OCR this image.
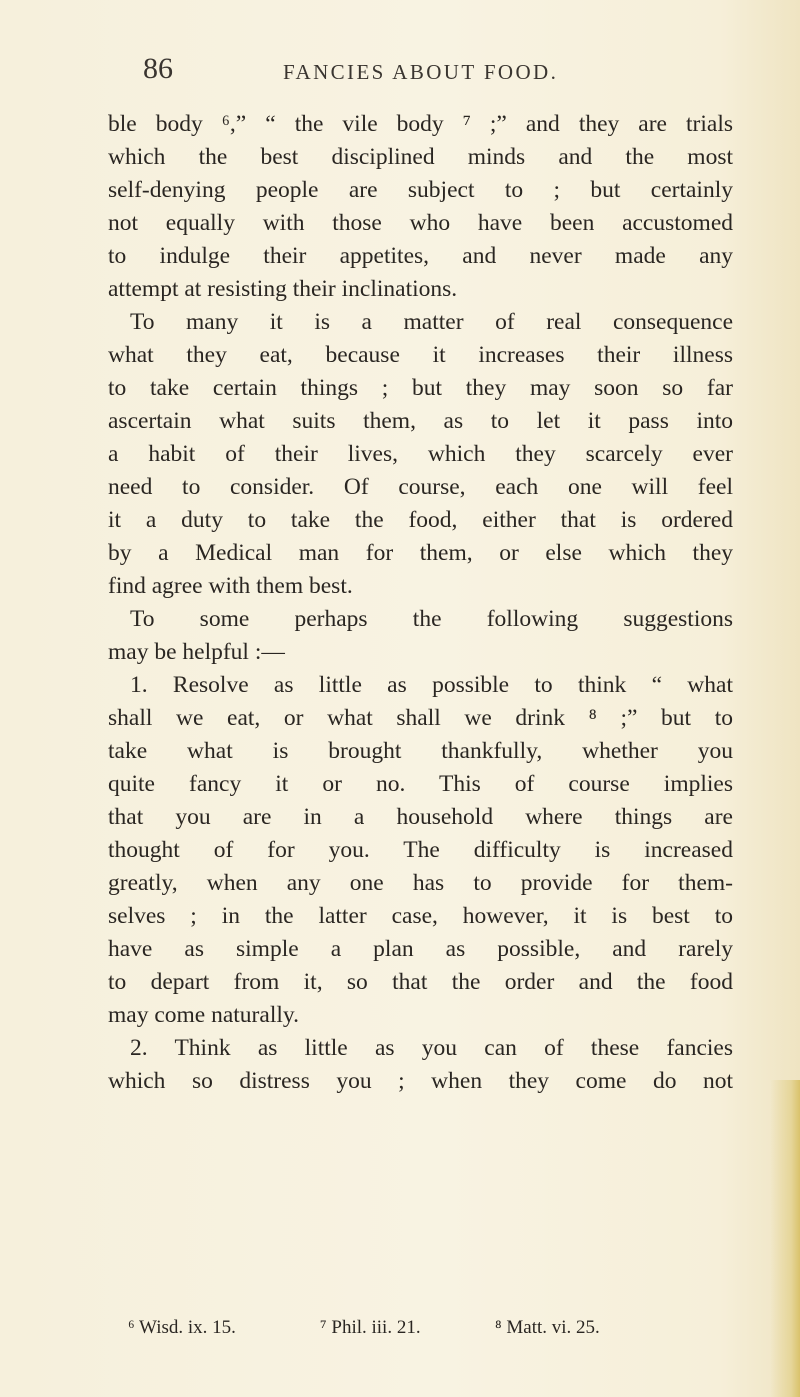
86	FANCIES ABOUT FOOD.
ble body ⁶,” “ the vile body ⁷ ;” and they are trials
which the best disciplined minds and the most
self-denying people are subject to ; but certainly
not equally with those who have been accustomed
to indulge their appetites, and never made any
attempt at resisting their inclinations.
To many it is a matter of real consequence
what they eat, because it increases their illness
to take certain things ; but they may soon so far
ascertain what suits them, as to let it pass into
a habit of their lives, which they scarcely ever
need to consider. Of course, each one will feel
it a duty to take the food, either that is ordered
by a Medical man for them, or else which they
find agree with them best.
To some perhaps the following suggestions
may be helpful :—
1. Resolve as little as possible to think “ what
shall we eat, or what shall we drink ⁸ ;” but to
take what is brought thankfully, whether you
quite fancy it or no. This of course implies
that you are in a household where things are
thought of for you. The difficulty is increased
greatly, when any one has to provide for them-
selves ; in the latter case, however, it is best to
have as simple a plan as possible, and rarely
to depart from it, so that the order and the food
may come naturally.
2. Think as little as you can of these fancies
which so distress you ; when they come do not
⁶ Wisd. ix. 15.	⁷ Phil. iii. 21.	⁸ Matt. vi. 25.
